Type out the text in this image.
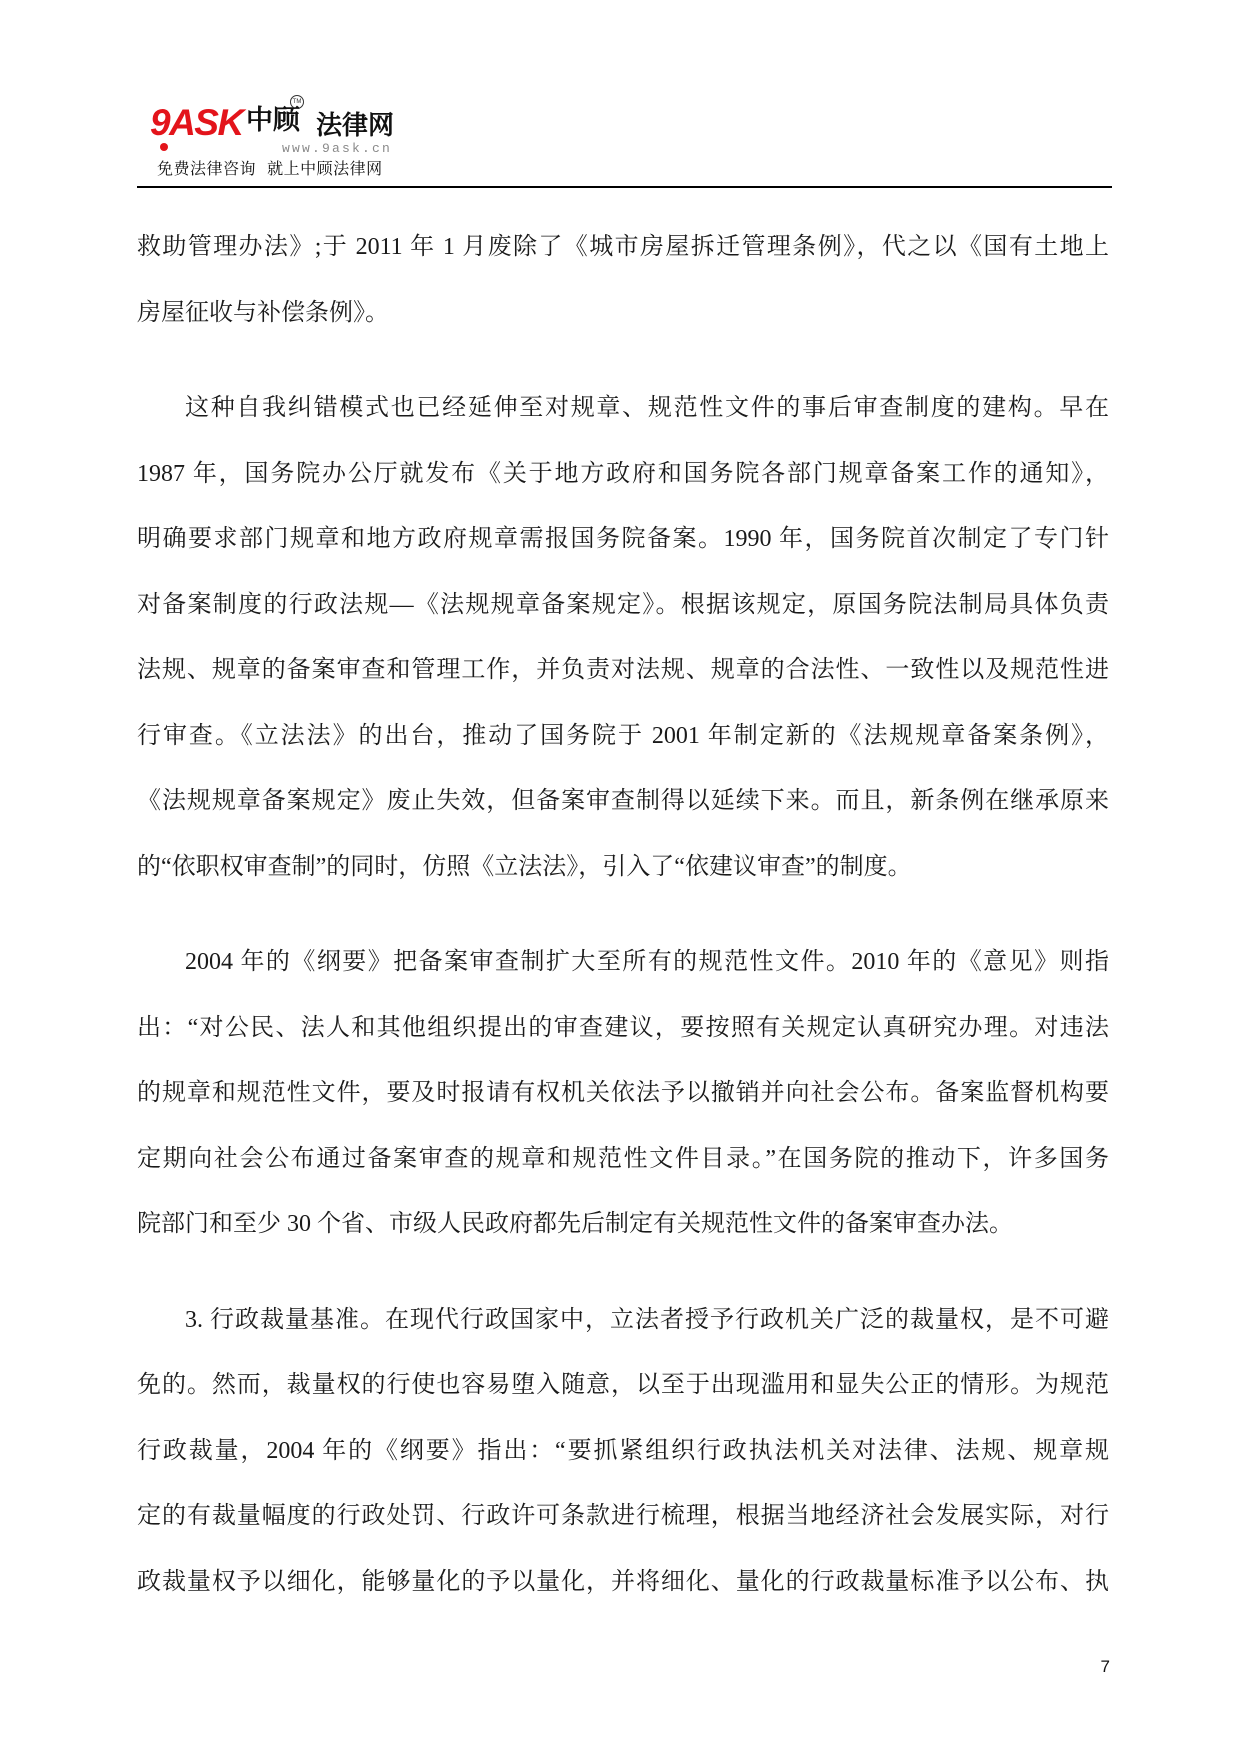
9ASK 中顾
TM
法律网
www.9ask.cn
免费法律咨询  就上中顾法律网
救助管理办法》;于 2011 年 1 月废除了《城市房屋拆迁管理条例》，代之以《国有土地上
房屋征收与补偿条例》。
这种自我纠错模式也已经延伸至对规章、规范性文件的事后审查制度的建构。早在
1987 年，国务院办公厅就发布《关于地方政府和国务院各部门规章备案工作的通知》，
明确要求部门规章和地方政府规章需报国务院备案。1990 年，国务院首次制定了专门针
对备案制度的行政法规—《法规规章备案规定》。根据该规定，原国务院法制局具体负责
法规、规章的备案审查和管理工作，并负责对法规、规章的合法性、一致性以及规范性进
行审查。《立法法》的出台，推动了国务院于 2001 年制定新的《法规规章备案条例》，
《法规规章备案规定》废止失效，但备案审查制得以延续下来。而且，新条例在继承原来
的“依职权审查制”的同时，仿照《立法法》，引入了“依建议审查”的制度。
2004 年的《纲要》把备案审查制扩大至所有的规范性文件。2010 年的《意见》则指
出：“对公民、法人和其他组织提出的审查建议，要按照有关规定认真研究办理。对违法
的规章和规范性文件，要及时报请有权机关依法予以撤销并向社会公布。备案监督机构要
定期向社会公布通过备案审查的规章和规范性文件目录。”在国务院的推动下，许多国务
院部门和至少 30 个省、市级人民政府都先后制定有关规范性文件的备案审查办法。
3. 行政裁量基准。在现代行政国家中，立法者授予行政机关广泛的裁量权，是不可避
免的。然而，裁量权的行使也容易堕入随意，以至于出现滥用和显失公正的情形。为规范
行政裁量，2004 年的《纲要》指出：“要抓紧组织行政执法机关对法律、法规、规章规
定的有裁量幅度的行政处罚、行政许可条款进行梳理，根据当地经济社会发展实际，对行
政裁量权予以细化，能够量化的予以量化，并将细化、量化的行政裁量标准予以公布、执
7
